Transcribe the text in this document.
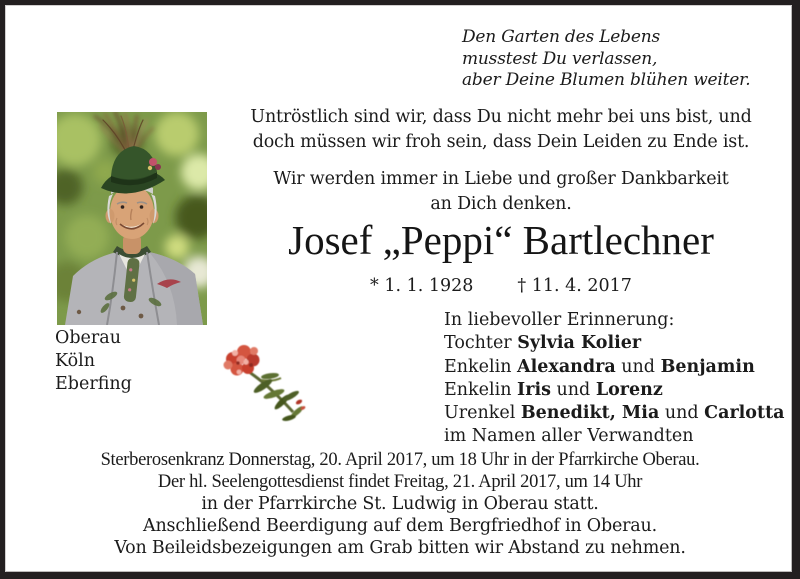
Den Garten des Lebens
musstest Du verlassen,
aber Deine Blumen blühen weiter.
Untröstlich sind wir, dass Du nicht mehr bei uns bist, und
doch müssen wir froh sein, dass Dein Leiden zu Ende ist.
Wir werden immer in Liebe und großer Dankbarkeit
an Dich denken.
Josef „Peppi“ Bartlechner
* 1. 1. 1928	† 11. 4. 2017
Oberau
Köln
Eberfing
In liebevoller Erinnerung:
Tochter Sylvia Kolier
Enkelin Alexandra und Benjamin
Enkelin Iris und Lorenz
Urenkel Benedikt, Mia und Carlotta
im Namen aller Verwandten
Sterberosenkranz Donnerstag, 20. April 2017, um 18 Uhr in der Pfarrkirche Oberau.
Der hl. Seelengottesdienst findet Freitag, 21. April 2017, um 14 Uhr
in der Pfarrkirche St. Ludwig in Oberau statt.
Anschließend Beerdigung auf dem Bergfriedhof in Oberau.
Von Beileidsbezeigungen am Grab bitten wir Abstand zu nehmen.
